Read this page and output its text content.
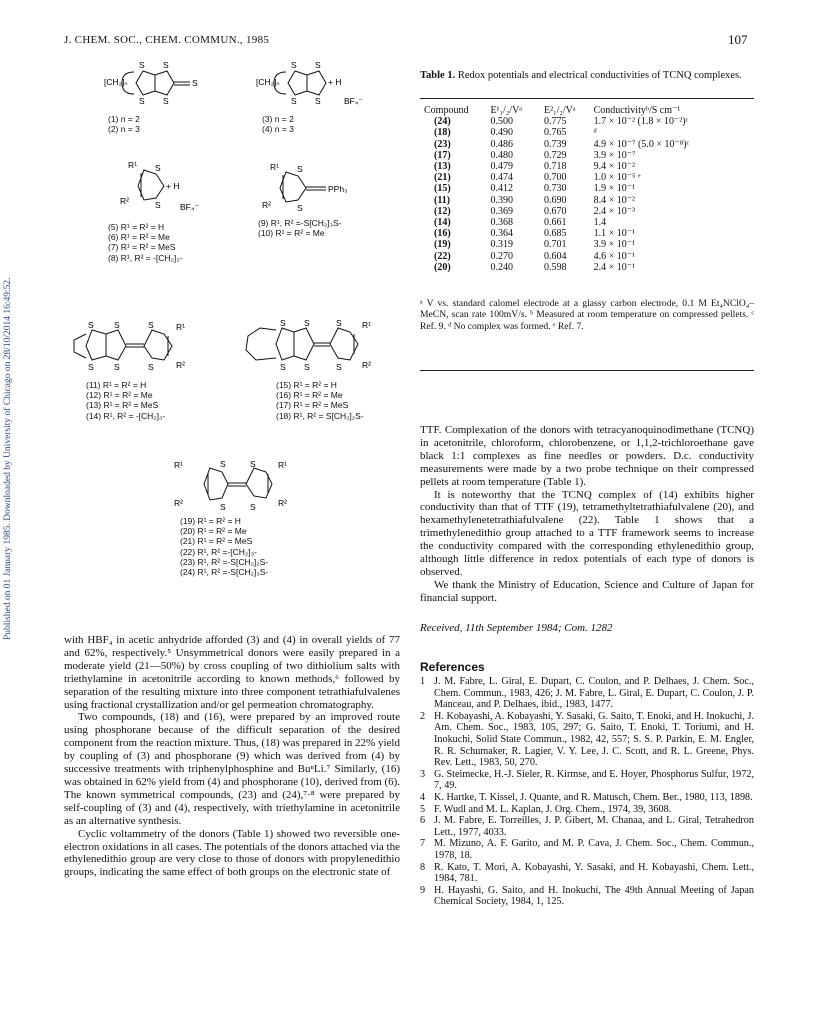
J. CHEM. SOC., CHEM. COMMUN., 1985	107
Published on 01 January 1985. Downloaded by University of Chicago on 28/10/2014 16:49:52.
[CH₂]ₙ
S S
S S
S
(1) n = 2
(2) n = 3
[CH₂]ₙ
S S
S S
+ H
BF₄⁻
(3) n = 2
(4) n = 3
R¹
R²
S
S
+ H
BF₄⁻
(5) R¹ = R² = H
(6) R¹ = R² = Me
(7) R¹ = R² = MeS
(8) R¹, R² = -[CH₂]₃-
R¹
R²
S
S
PPh₃
(9) R¹, R² =-S[CH₂]₃S-
(10) R¹ = R² = Me
S S
S S
S
S
R¹
R²
(11) R¹ = R² = H
(12) R¹ = R² = Me
(13) R¹ = R² = MeS
(14) R¹, R² = -[CH₂]₃-
S S
S S
S
S
R¹
R²
(15) R¹ = R² = H
(16) R¹ = R² = Me
(17) R¹ = R² = MeS
(18) R¹, R² = S[CH₂]₂S-
R¹
R²
S
S
S
S
R¹
R²
(19) R¹ = R² = H
(20) R¹ = R² = Me
(21) R¹ = R² = MeS
(22) R¹, R² =-[CH₂]₃-
(23) R¹, R² =-S[CH₂]₂S-
(24) R¹, R² =-S[CH₂]₃S-

with HBF₄ in acetic anhydride afforded (3) and (4) in overall yields of 77 and 62%, respectively.⁵ Unsymmetrical donors were easily prepared in a moderate yield (21—50%) by cross coupling of two dithiolium salts with triethylamine in acetonitrile according to known methods,⁶ followed by separation of the resulting mixture into three component tetrathiafulvalenes using fractional crystallization and/or gel permeation chromatography.

Two compounds, (18) and (16), were prepared by an improved route using phosphorane because of the difficult separation of the desired component from the reaction mixture. Thus, (18) was prepared in 22% yield by coupling of (3) and phosphorane (9) which was derived from (4) by successive treatments with triphenylphosphine and BuⁿLi.⁷ Similarly, (16) was obtained in 62% yield from (4) and phosphorane (10), derived from (6). The known symmetrical compounds, (23) and (24),⁷·⁸ were prepared by self-coupling of (3) and (4), respectively, with triethylamine in acetonitrile as an alternative synthesis.

Cyclic voltammetry of the donors (Table 1) showed two reversible one-electron oxidations in all cases. The potentials of the donors attached via the ethylenedithio group are very close to those of donors with propylenedithio groups, indicating the same effect of both groups on the electronic state of

Table 1. Redox potentials and electrical conductivities of TCNQ complexes.
Compound	E¹₁/₂/Vᵃ	E²₁/₂/Vᵃ	Conductivityᵇ/S cm⁻¹
(24)	0.500	0.775	1.7 × 10⁻² (1.8 × 10⁻²)ᶜ
(18)	0.490	0.765	ᵈ
(23)	0.486	0.739	4.9 × 10⁻⁷ (5.0 × 10⁻⁸)ᶜ
(17)	0.480	0.729	3.9 × 10⁻⁷
(13)	0.479	0.718	9.4 × 10⁻²
(21)	0.474	0.700	1.0 × 10⁻⁵ ᵉ
(15)	0.412	0.730	1.9 × 10⁻¹
(11)	0.390	0.690	8.4 × 10⁻²
(12)	0.369	0.670	2.4 × 10⁻³
(14)	0.368	0.661	1.4
(16)	0.364	0.685	1.1 × 10⁻¹
(19)	0.319	0.701	3.9 × 10⁻¹
(22)	0.270	0.604	4.6 × 10⁻¹
(20)	0.240	0.598	2.4 × 10⁻¹
ᵃ V vs. standard calomel electrode at a glassy carbon electrode, 0.1 M Et₄NClO₄–MeCN, scan rate 100mV/s. ᵇ Measured at room temperature on compressed pellets. ᶜ Ref. 9. ᵈ No complex was formed. ᵉ Ref. 7.

TTF. Complexation of the donors with tetracyanoquinodimethane (TCNQ) in acetonitrile, chloroform, chlorobenzene, or 1,1,2-trichloroethane gave black 1:1 complexes as fine needles or powders. D.c. conductivity measurements were made by a two probe technique on their compressed pellets at room temperature (Table 1).

It is noteworthy that the TCNQ complex of (14) exhibits higher conductivity than that of TTF (19), tetramethyltetrathiafulvalene (20), and hexamethylenetetrathiafulvalene (22). Table 1 shows that a trimethylenedithio group attached to a TTF framework seems to increase the conductivity compared with the corresponding ethylenedithio group, although little difference in redox potentials of each type of donors is observed.

We thank the Ministry of Education, Science and Culture of Japan for financial support.

Received, 11th September 1984; Com. 1282
References

1 J. M. Fabre, L. Giral, E. Dupart, C. Coulon, and P. Delhaes, J. Chem. Soc., Chem. Commun., 1983, 426; J. M. Fabre, L. Giral, E. Dupart, C. Coulon, J. P. Manceau, and P. Delhaes, ibid., 1983, 1477.

2 H. Kobayashi, A. Kobayashi, Y. Sasaki, G. Saito, T. Enoki, and H. Inokuchi, J. Am. Chem. Soc., 1983, 105, 297; G. Saito, T. Enoki, T. Toriumi, and H. Inokuchi, Solid State Commun., 1982, 42, 557; S. S. P. Parkin, E. M. Engler, R. R. Schumaker, R. Lagier, V. Y. Lee, J. C. Scott, and R. L. Greene, Phys. Rev. Lett., 1983, 50, 270.

3 G. Steimecke, H.-J. Sieler, R. Kirmse, and E. Hoyer, Phosphorus Sulfur, 1972, 7, 49.

4 K. Hartke, T. Kissel, J. Quante, and R. Matusch, Chem. Ber., 1980, 113, 1898.

5 F. Wudl and M. L. Kaplan, J. Org. Chem., 1974, 39, 3608.

6 J. M. Fabre, E. Torreilles, J. P. Gibert, M. Chanaa, and L. Giral, Tetrahedron Lett., 1977, 4033.

7 M. Mizuno, A. F. Garito, and M. P. Cava, J. Chem. Soc., Chem. Commun., 1978, 18.

8 R. Kato, T. Mori, A. Kobayashi, Y. Sasaki, and H. Kobayashi, Chem. Lett., 1984, 781.

9 H. Hayashi, G. Saito, and H. Inokuchi, The 49th Annual Meeting of Japan Chemical Society, 1984, 1, 125.
